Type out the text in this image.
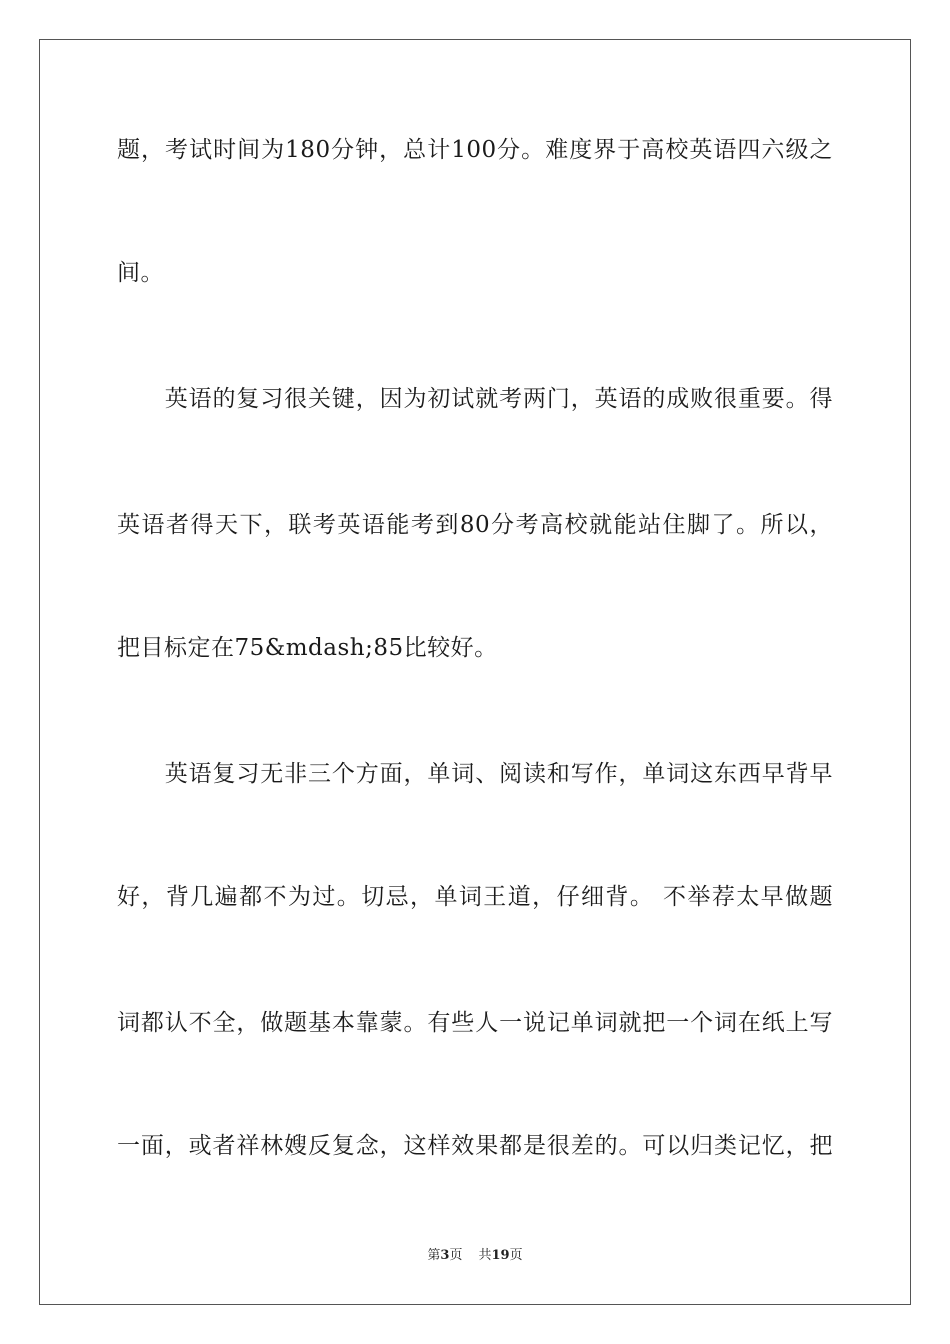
题，考试时间为180分钟，总计100分。难度界于高校英语四六级之
间。
　　英语的复习很关键，因为初试就考两门，英语的成败很重要。得
英语者得天下，联考英语能考到80分考高校就能站住脚了。所以，
把目标定在75&mdash;85比较好。
　　英语复习无非三个方面，单词、阅读和写作，单词这东西早背早
好，背几遍都不为过。切忌，单词王道，仔细背。 不举荐太早做题
词都认不全，做题基本靠蒙。有些人一说记单词就把一个词在纸上写
一面，或者祥林嫂反复念，这样效果都是很差的。可以归类记忆，把
第3页 共19页
